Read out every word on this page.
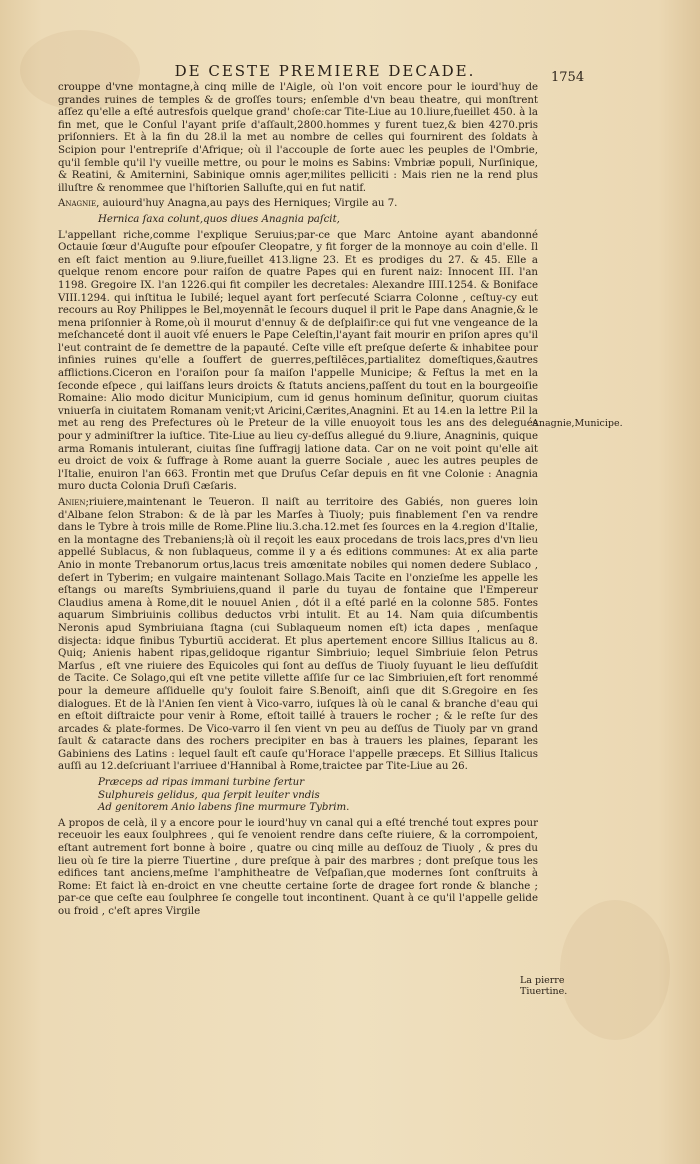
DE CESTE PREMIERE DECADE.	1754

crouppe d'vne montagne,à cinq mille de l'Aigle, où l'on voit encore pour le iourd'huy de grandes ruines de temples & de groſſes tours; enſemble d'vn beau theatre, qui monſtrent aſſez qu'elle a eſté autresfois quelque grand' choſe:car Tite-Liue au 10.liure,fueillet 450. à la fin met, que le Conſul l'ayant priſe d'aſſault,2800.hommes y furent tuez,& bien 4270.pris priſonniers. Et à la fin du 28.il la met au nombre de celles qui fournirent des ſoldats à Scipion pour l'entrepriſe d'Afrique; où il l'accouple de ſorte auec les peuples de l'Ombrie, qu'il ſemble qu'il l'y vueille mettre, ou pour le moins es Sabins: Vmbriæ populi, Nurſinique, & Reatini, & Amiternini, Sabinique omnis ager,milites pelliciti : Mais rien ne la rend plus illuſtre & renommee que l'hiſtorien Salluſte,qui en fut natif.

Anagnie, auiourd'huy Anagna,au pays des Herniques; Virgile au 7.

Hernica ſaxa colunt,quos diues Anagnia paſcit,

L'appellant riche,comme l'explique Seruius;par-ce que Marc Antoine ayant abandonné Octauie ſœur d'Auguſte pour eſpouſer Cleopatre, y fit forger de la monnoye au coin d'elle. Il en eſt faict mention au 9.liure,fueillet 413.ligne 23. Et es prodiges du 27. & 45. Elle a quelque renom encore pour raiſon de quatre Papes qui en furent naiz: Innocent III. l'an 1198. Gregoire IX. l'an 1226.qui fit compiler les decretales: Alexandre IIII.1254. & Boniface VIII.1294. qui inſtitua le Iubilé; lequel ayant fort perſecuté Sciarra Colonne , ceſtuy-cy eut recours au Roy Philippes le Bel,moyennãt le ſecours duquel il prit le Pape dans Anagnie,& le mena priſonnier à Rome,où il mourut d'ennuy & de deſplaiſir:ce qui fut vne vengeance de la meſchanceté dont il auoit vſé enuers le Pape Celeſtin,l'ayant fait mourir en priſon apres qu'il l'eut contraint de ſe demettre de la papauté. Ceſte ville eſt preſque deſerte & inhabitee pour infinies ruines qu'elle a ſouffert de guerres,peſtilẽces,partialitez domeſtiques,&autres afflictions.Ciceron en l'oraiſon pour ſa maiſon l'appelle Municipe; & Feſtus la met en la ſeconde eſpece , qui laiſſans leurs droicts & ſtatuts anciens,paſſent du tout en la bourgeoiſie Romaine: Alio modo dicitur Municipium, cum id genus hominum deſinitur, quorum ciuitas vniuerſa in ciuitatem Romanam venit;vt Aricini,Cærites,Anagnini. Et au 14.en la lettre P.il la met au reng des Prefectures où le Preteur de la ville enuoyoit tous les ans des delegués pour y adminiſtrer la iuſtice. Tite-Liue au lieu cy-deſſus allegué du 9.liure, Anagninis, quique arma Romanis intulerant, ciuitas ſine ſuffragij latione data. Car on ne voit point qu'elle ait eu droict de voix & ſuffrage à Rome auant la guerre Sociale , auec les autres peuples de l'Italie, enuiron l'an 663. Frontin met que Druſus Ceſar depuis en fit vne Colonie : Anagnia muro ducta Colonia Druſi Cæſaris.

Anien;riuiere,maintenant le Teueron. Il naiſt au territoire des Gabiés, non gueres loin d'Albane ſelon Strabon: & de là par les Marſes à Tiuoly; puis finablement ſ'en va rendre dans le Tybre à trois mille de Rome.Pline liu.3.cha.12.met ſes ſources en la 4.region d'Italie, en la montagne des Trebaniens;là où il reçoit les eaux procedans de trois lacs,pres d'vn lieu appellé Sublacus, & non ſublaqueus, comme il y a és editions communes: At ex alia parte Anio in monte Trebanorum ortus,lacus treis amœnitate nobiles qui nomen dedere Sublaco , deſert in Tyberim; en vulgaire maintenant Sollago.Mais Tacite en l'onzieſme les appelle les eſtangs ou mareſts Symbriuiens,quand il parle du tuyau de fontaine que l'Empereur Claudius amena à Rome,dit le nouuel Anien , dót il a eſté parlé en la colonne 585. Fontes aquarum Simbriuinis collibus deductos vrbi intulit. Et au 14. Nam quia diſcumbentis Neronis apud Symbriuiana ſtagna (cui Sublaqueum nomen eſt) icta dapes , menſaque disjecta: idque finibus Tyburtiũ acciderat. Et plus apertement encore Sillius Italicus au 8. Quiq; Anienis habent ripas,gelidoque rigantur Simbriuio; lequel Simbriuie ſelon Petrus Marſus , eſt vne riuiere des Equicoles qui ſont au deſſus de Tiuoly ſuyuant le lieu deſſuſdit de Tacite. Ce Solago,qui eſt vne petite villette aſſiſe ſur ce lac Simbriuien,eſt fort renommé pour la demeure aſſiduelle qu'y ſouloit faire S.Benoiſt, ainſi que dit S.Gregoire en ſes dialogues. Et de là l'Anien ſen vient à Vico-varro, iuſques là où le canal & branche d'eau qui en eſtoit diſtraicte pour venir à Rome, eſtoit taillé à trauers le rocher ; & le reſte ſur des arcades & plate-formes. De Vico-varro il ſen vient vn peu au deſſus de Tiuoly par vn grand ſault & cataracte dans des rochers precipiter en bas à trauers les plaines, ſeparant les Gabiniens des Latins : lequel ſault eſt cauſe qu'Horace l'appelle præceps. Et Sillius Italicus auſſi au 12.deſcriuant l'arriuee d'Hannibal à Rome,traictee par Tite-Liue au 26.

Præceps ad ripas immani turbine fertur
Sulphureis gelidus, qua ſerpit leuiter vndis
Ad genitorem Anio labens ſine murmure Tybrim.

A propos de celà, il y a encore pour le iourd'huy vn canal qui a eſté trenché tout expres pour receuoir les eaux ſoulphrees , qui ſe venoient rendre dans ceſte riuiere, & la corrompoient, eſtant autrement fort bonne à boire , quatre ou cinq mille au deſſouz de Tiuoly , & pres du lieu où ſe tire la pierre Tiuertine , dure preſque à pair des marbres ; dont preſque tous les edifices tant anciens,meſme l'amphitheatre de Veſpaſian,que modernes ſont conſtruits à Rome: Et faict là en-droict en vne cheutte certaine ſorte de dragee fort ronde & blanche ; par-ce que ceſte eau ſoulphree ſe congelle tout incontinent. Quant à ce qu'il l'appelle gelide ou froid , c'eſt apres Virgile

Anagnie,Municipe.
La pierre Tiuertine.
